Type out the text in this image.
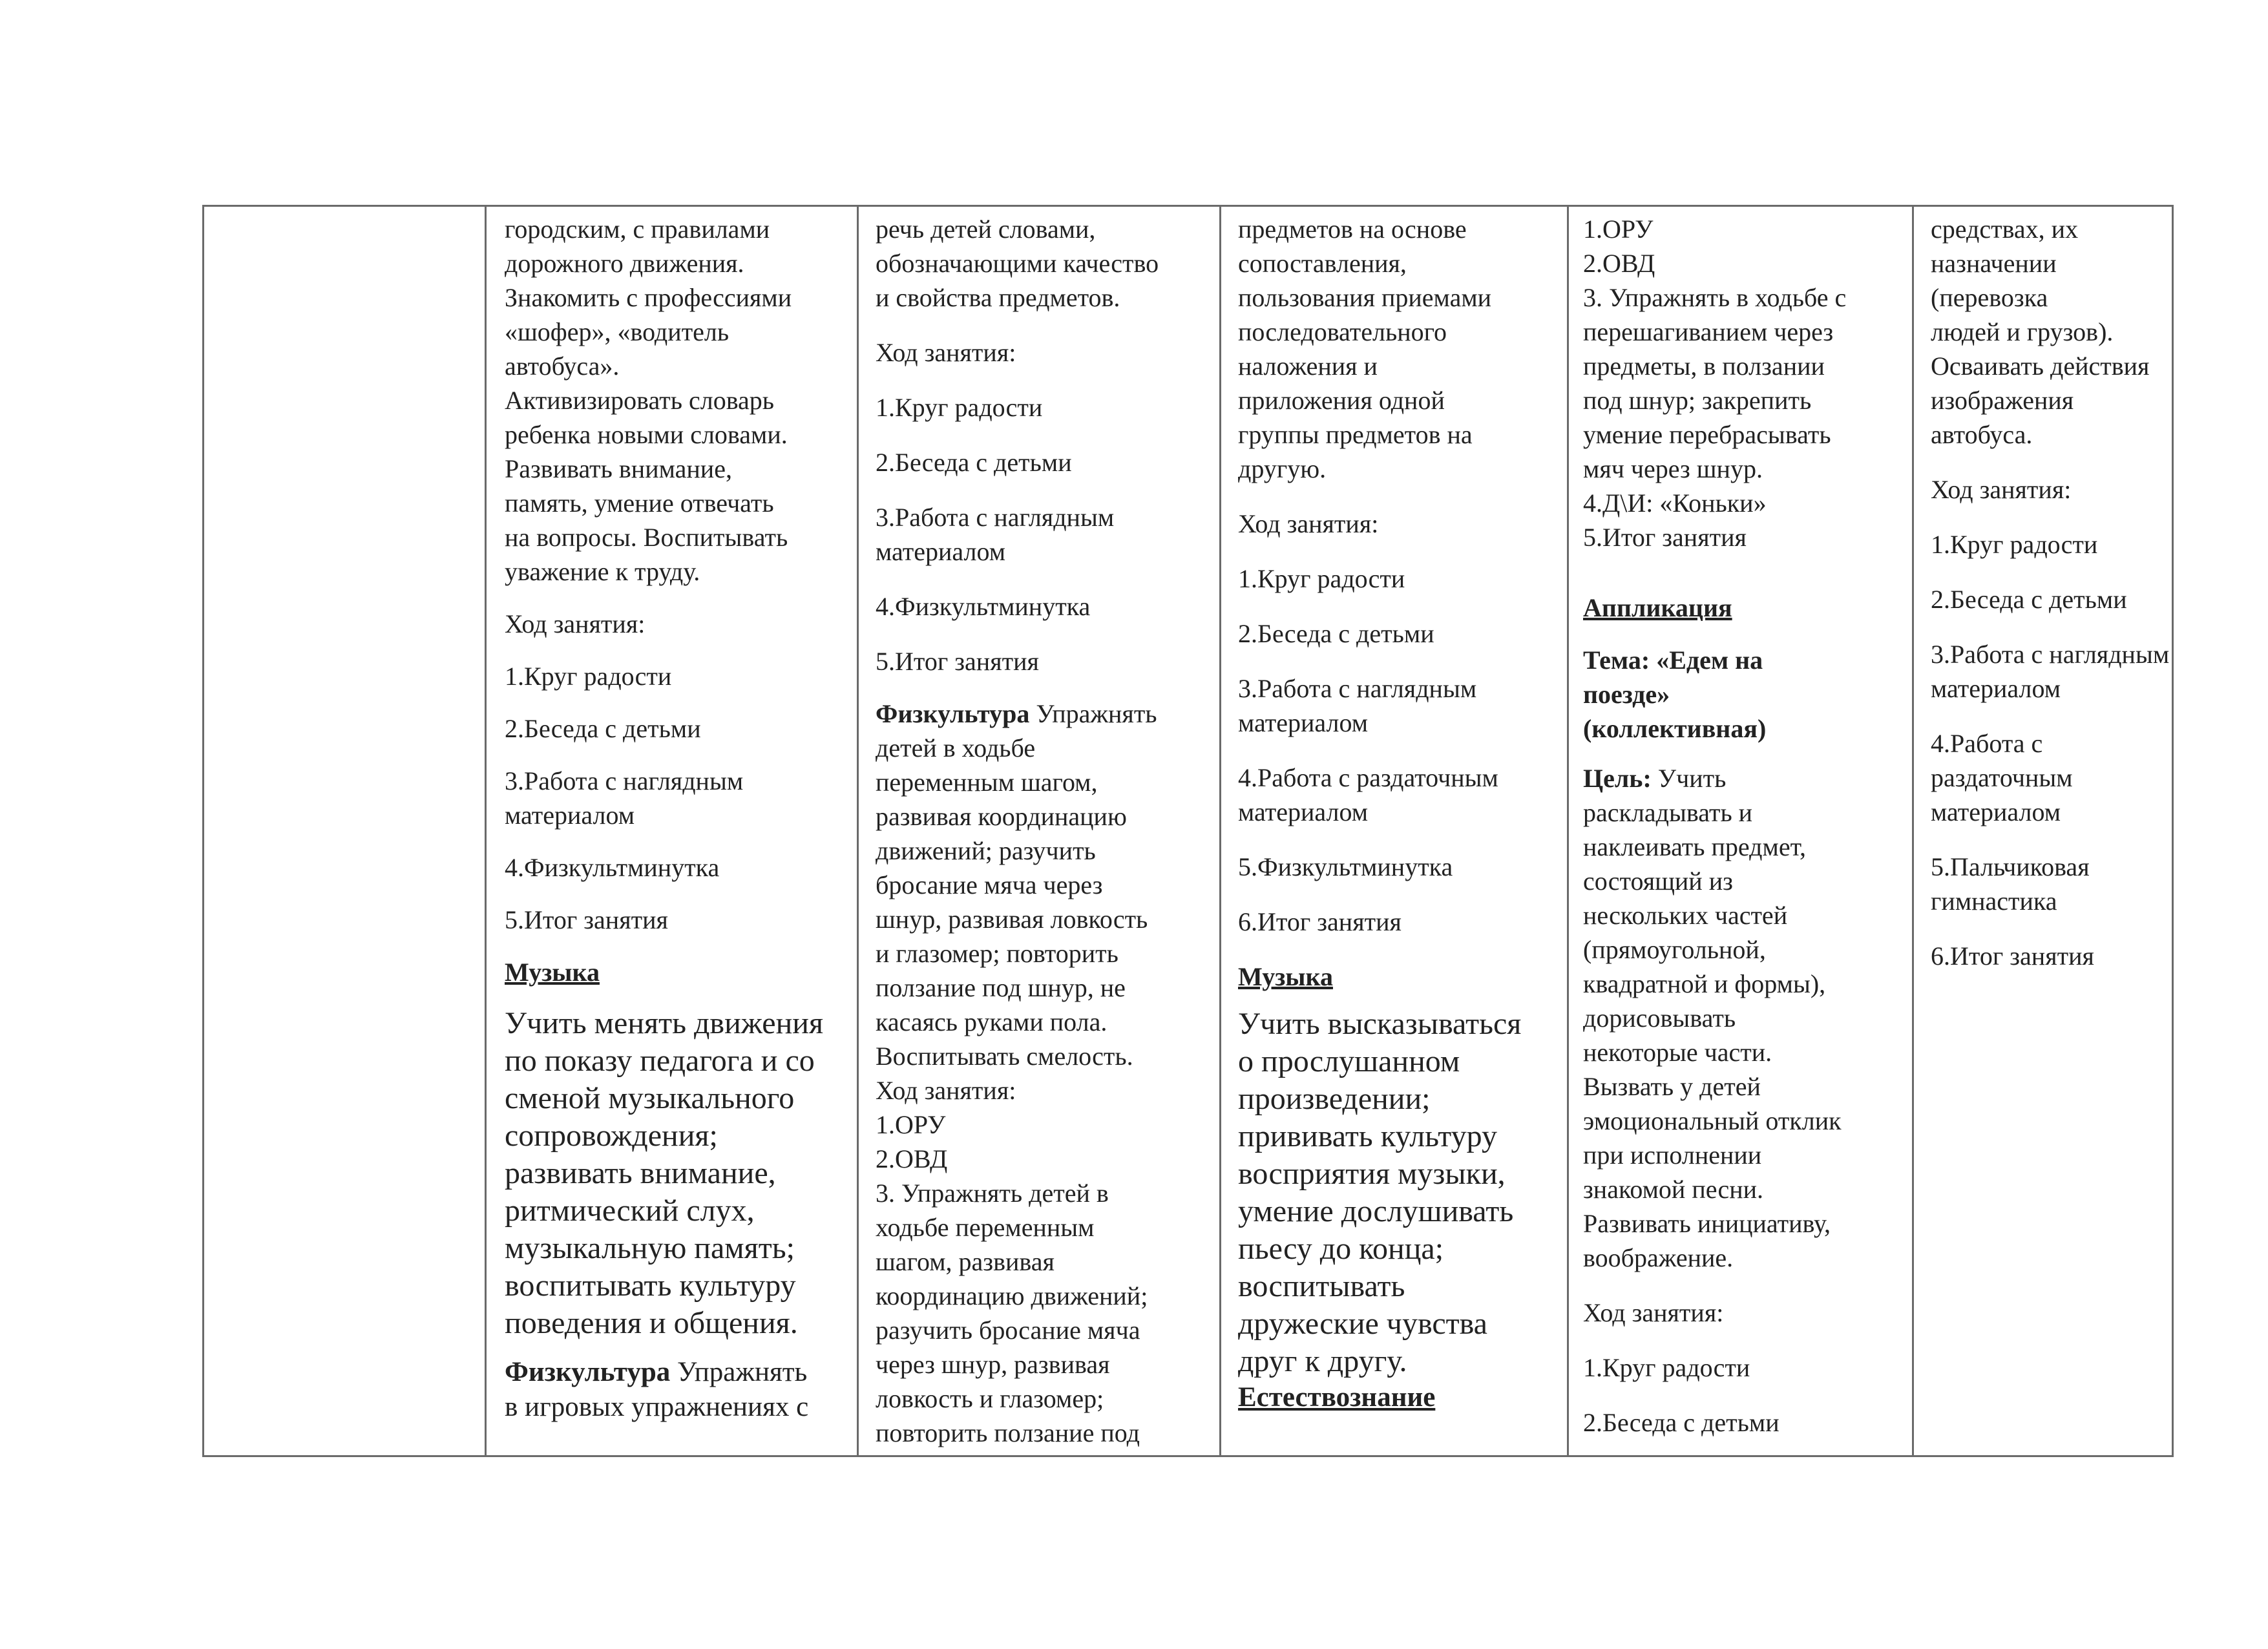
городским, с правилами

дорожного движения.

Знакомить с профессиями

«шофер», «водитель

автобуса».

Активизировать словарь

ребенка новыми словами.

Развивать внимание,

память, умение отвечать

на вопросы. Воспитывать

уважение к труду.

Ход занятия:

1.Круг радости

2.Беседа с детьми

3.Работа с наглядным

материалом

4.Физкультминутка

5.Итог занятия

Музыка

Учить менять движения

по показу педагога и со

сменой музыкального

сопровождения;

развивать внимание,

ритмический слух,

музыкальную память;

воспитывать культуру

поведения и общения.

Физкультура Упражнять

в игровых упражнениях с

речь детей словами,

обозначающими качество

и свойства предметов.

Ход занятия:

1.Круг радости

2.Беседа с детьми

3.Работа с наглядным

материалом

4.Физкультминутка

5.Итог занятия

Физкультура Упражнять

детей в ходьбе

переменным шагом,

развивая координацию

движений; разучить

бросание мяча через

шнур, развивая ловкость

и глазомер; повторить

ползание под шнур, не

касаясь руками пола.

Воспитывать смелость.

Ход занятия:

1.ОРУ

2.ОВД

3. Упражнять детей в

ходьбе переменным

шагом, развивая

координацию движений;

разучить бросание мяча

через шнур, развивая

ловкость и глазомер;

повторить ползание под

предметов на основе

сопоставления,

пользования приемами

последовательного

наложения и

приложения одной

группы предметов на

другую.

Ход занятия:

1.Круг радости

2.Беседа с детьми

3.Работа с наглядным

материалом

4.Работа с раздаточным

материалом

5.Физкультминутка

6.Итог занятия

Музыка

Учить высказываться

о прослушанном

произведении;

прививать культуру

восприятия музыки,

умение дослушивать

пьесу до конца;

воспитывать

дружеские чувства

друг к другу.

Естествознание

1.ОРУ

2.ОВД

3. Упражнять в ходьбе с

перешагиванием через

предметы, в ползании

под шнур; закрепить

умение перебрасывать

мяч через шнур.

4.Д\И: «Коньки»

5.Итог занятия

Аппликация

Тема: «Едем на

поезде»

(коллективная)

Цель: Учить

раскладывать и

наклеивать предмет,

состоящий из

нескольких частей

(прямоугольной,

квадратной и формы),

дорисовывать

некоторые части.

Вызвать у детей

эмоциональный отклик

при исполнении

знакомой песни.

Развивать инициативу,

воображение.

Ход занятия:

1.Круг радости

2.Беседа с детьми

средствах, их

назначении (перевозка

людей и грузов).

Осваивать действия

изображения автобуса.

Ход занятия:

1.Круг радости

2.Беседа с детьми

3.Работа с наглядным

материалом

4.Работа с раздаточным

материалом

5.Пальчиковая

гимнастика

6.Итог занятия
